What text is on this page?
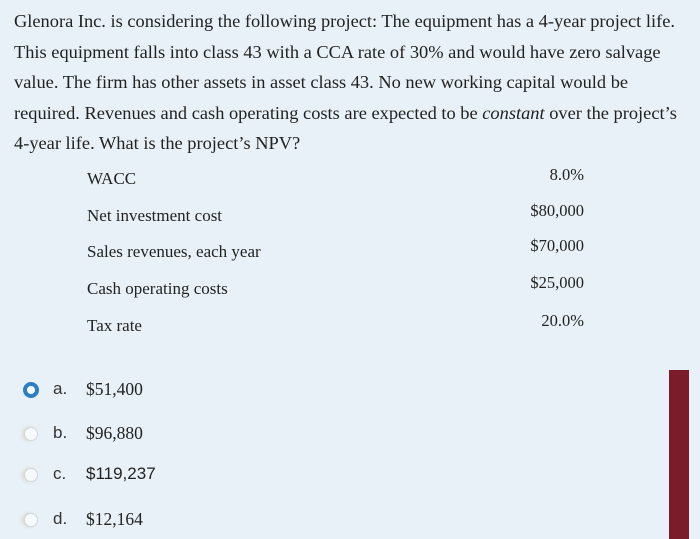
Glenora Inc. is considering the following project: The equipment has a 4-year project life. This equipment falls into class 43 with a CCA rate of 30% and would have zero salvage value. The firm has other assets in asset class 43. No new working capital would be required. Revenues and cash operating costs are expected to be constant over the project’s 4-year life. What is the project’s NPV?
WACC	8.0%
Net investment cost	$80,000
Sales revenues, each year	$70,000
Cash operating costs	$25,000
Tax rate	20.0%
a. $51,400
b. $96,880
c. $119,237
d. $12,164
